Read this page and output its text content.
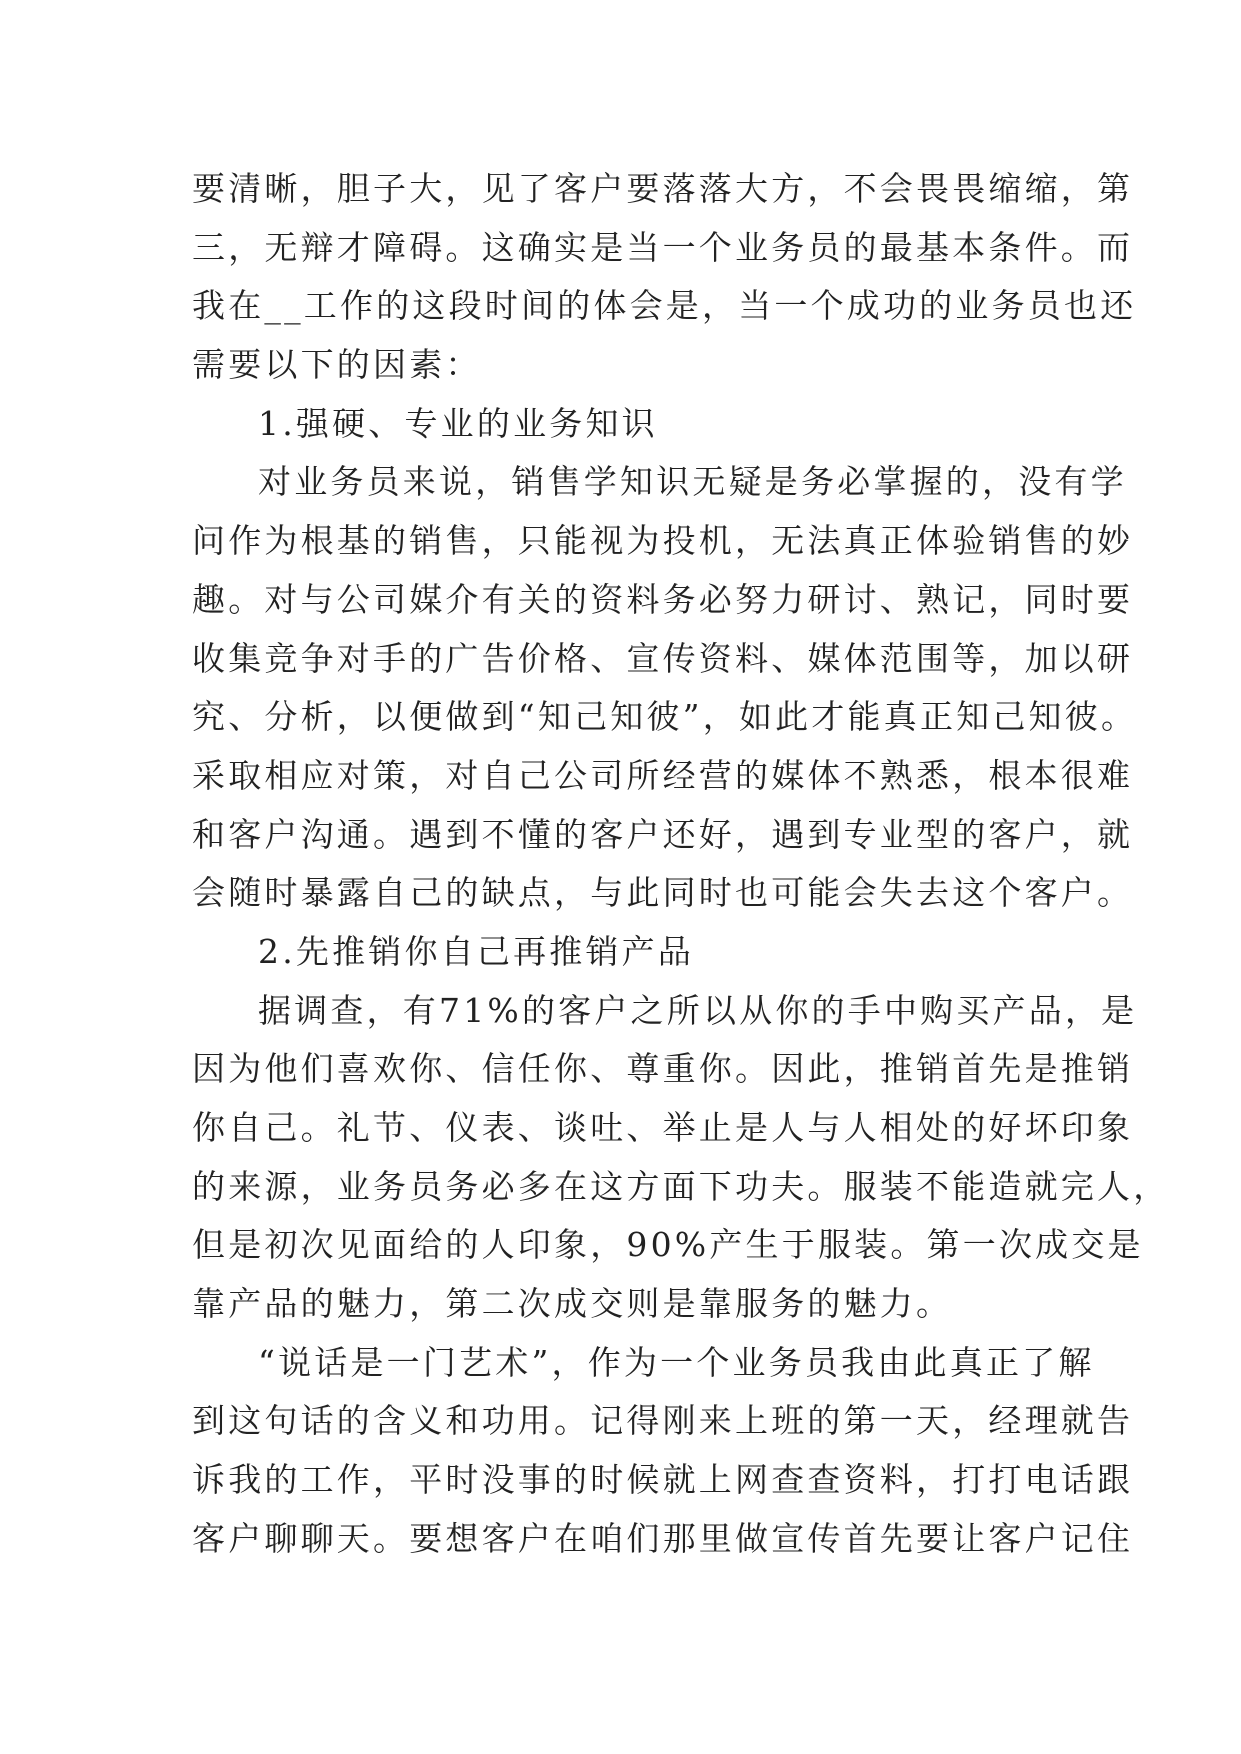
要清晰，胆子大，见了客户要落落大方，不会畏畏缩缩，第
三，无辩才障碍。这确实是当一个业务员的最基本条件。而
我在__工作的这段时间的体会是，当一个成功的业务员也还
需要以下的因素：
1.强硬、专业的业务知识
对业务员来说，销售学知识无疑是务必掌握的，没有学
问作为根基的销售，只能视为投机，无法真正体验销售的妙
趣。对与公司媒介有关的资料务必努力研讨、熟记，同时要
收集竞争对手的广告价格、宣传资料、媒体范围等，加以研
究、分析，以便做到“知己知彼”，如此才能真正知己知彼。
采取相应对策，对自己公司所经营的媒体不熟悉，根本很难
和客户沟通。遇到不懂的客户还好，遇到专业型的客户，就
会随时暴露自己的缺点，与此同时也可能会失去这个客户。
2.先推销你自己再推销产品
据调查，有71%的客户之所以从你的手中购买产品，是
因为他们喜欢你、信任你、尊重你。因此，推销首先是推销
你自己。礼节、仪表、谈吐、举止是人与人相处的好坏印象
的来源，业务员务必多在这方面下功夫。服装不能造就完人，
但是初次见面给的人印象，90%产生于服装。第一次成交是
靠产品的魅力，第二次成交则是靠服务的魅力。
“说话是一门艺术”，作为一个业务员我由此真正了解
到这句话的含义和功用。记得刚来上班的第一天，经理就告
诉我的工作，平时没事的时候就上网查查资料，打打电话跟
客户聊聊天。要想客户在咱们那里做宣传首先要让客户记住
